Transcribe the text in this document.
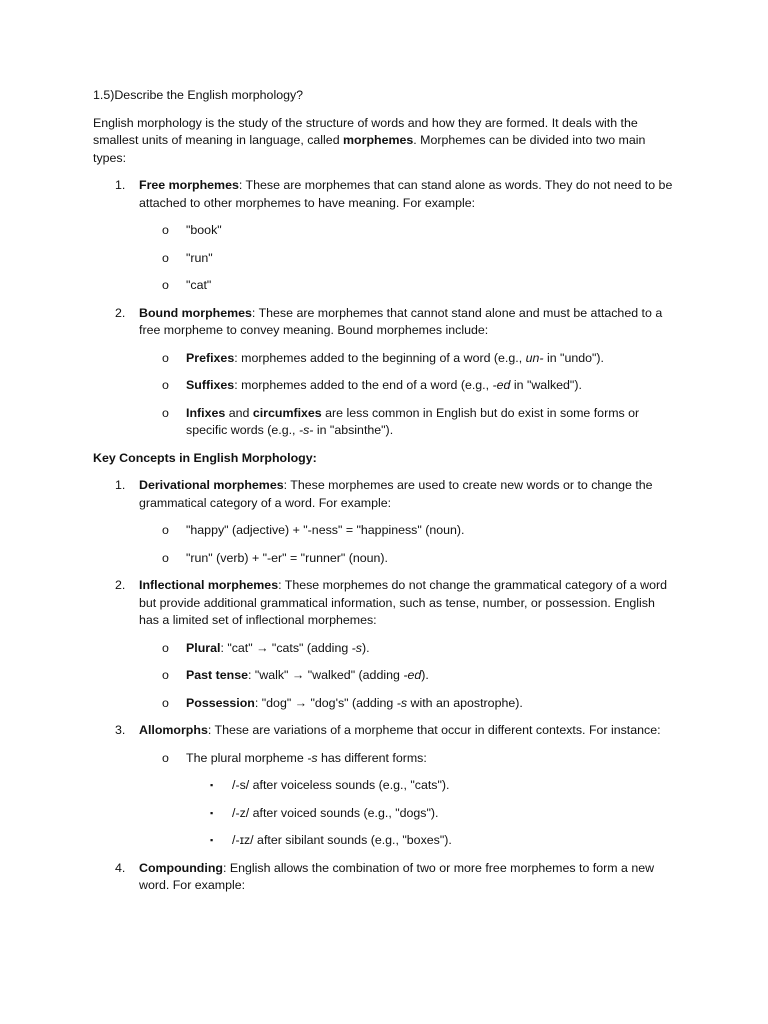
1.5)Describe the English morphology?

English morphology is the study of the structure of words and how they are formed. It deals with the smallest units of meaning in language, called morphemes. Morphemes can be divided into two main types:

1. Free morphemes: These are morphemes that can stand alone as words. They do not need to be attached to other morphemes to have meaning. For example:
o "book"
o "run"
o "cat"
2. Bound morphemes: These are morphemes that cannot stand alone and must be attached to a free morpheme to convey meaning. Bound morphemes include:
o Prefixes: morphemes added to the beginning of a word (e.g., un- in "undo").
o Suffixes: morphemes added to the end of a word (e.g., -ed in "walked").
o Infixes and circumfixes are less common in English but do exist in some forms or specific words (e.g., -s- in "absinthe").

Key Concepts in English Morphology:

1. Derivational morphemes: These morphemes are used to create new words or to change the grammatical category of a word. For example:
o "happy" (adjective) + "-ness" = "happiness" (noun).
o "run" (verb) + "-er" = "runner" (noun).
2. Inflectional morphemes: These morphemes do not change the grammatical category of a word but provide additional grammatical information, such as tense, number, or possession. English has a limited set of inflectional morphemes:
o Plural: "cat" → "cats" (adding -s).
o Past tense: "walk" → "walked" (adding -ed).
o Possession: "dog" → "dog's" (adding -s with an apostrophe).
3. Allomorphs: These are variations of a morpheme that occur in different contexts. For instance:
o The plural morpheme -s has different forms:
▪ /-s/ after voiceless sounds (e.g., "cats").
▪ /-z/ after voiced sounds (e.g., "dogs").
▪ /-ɪz/ after sibilant sounds (e.g., "boxes").
4. Compounding: English allows the combination of two or more free morphemes to form a new word. For example:
